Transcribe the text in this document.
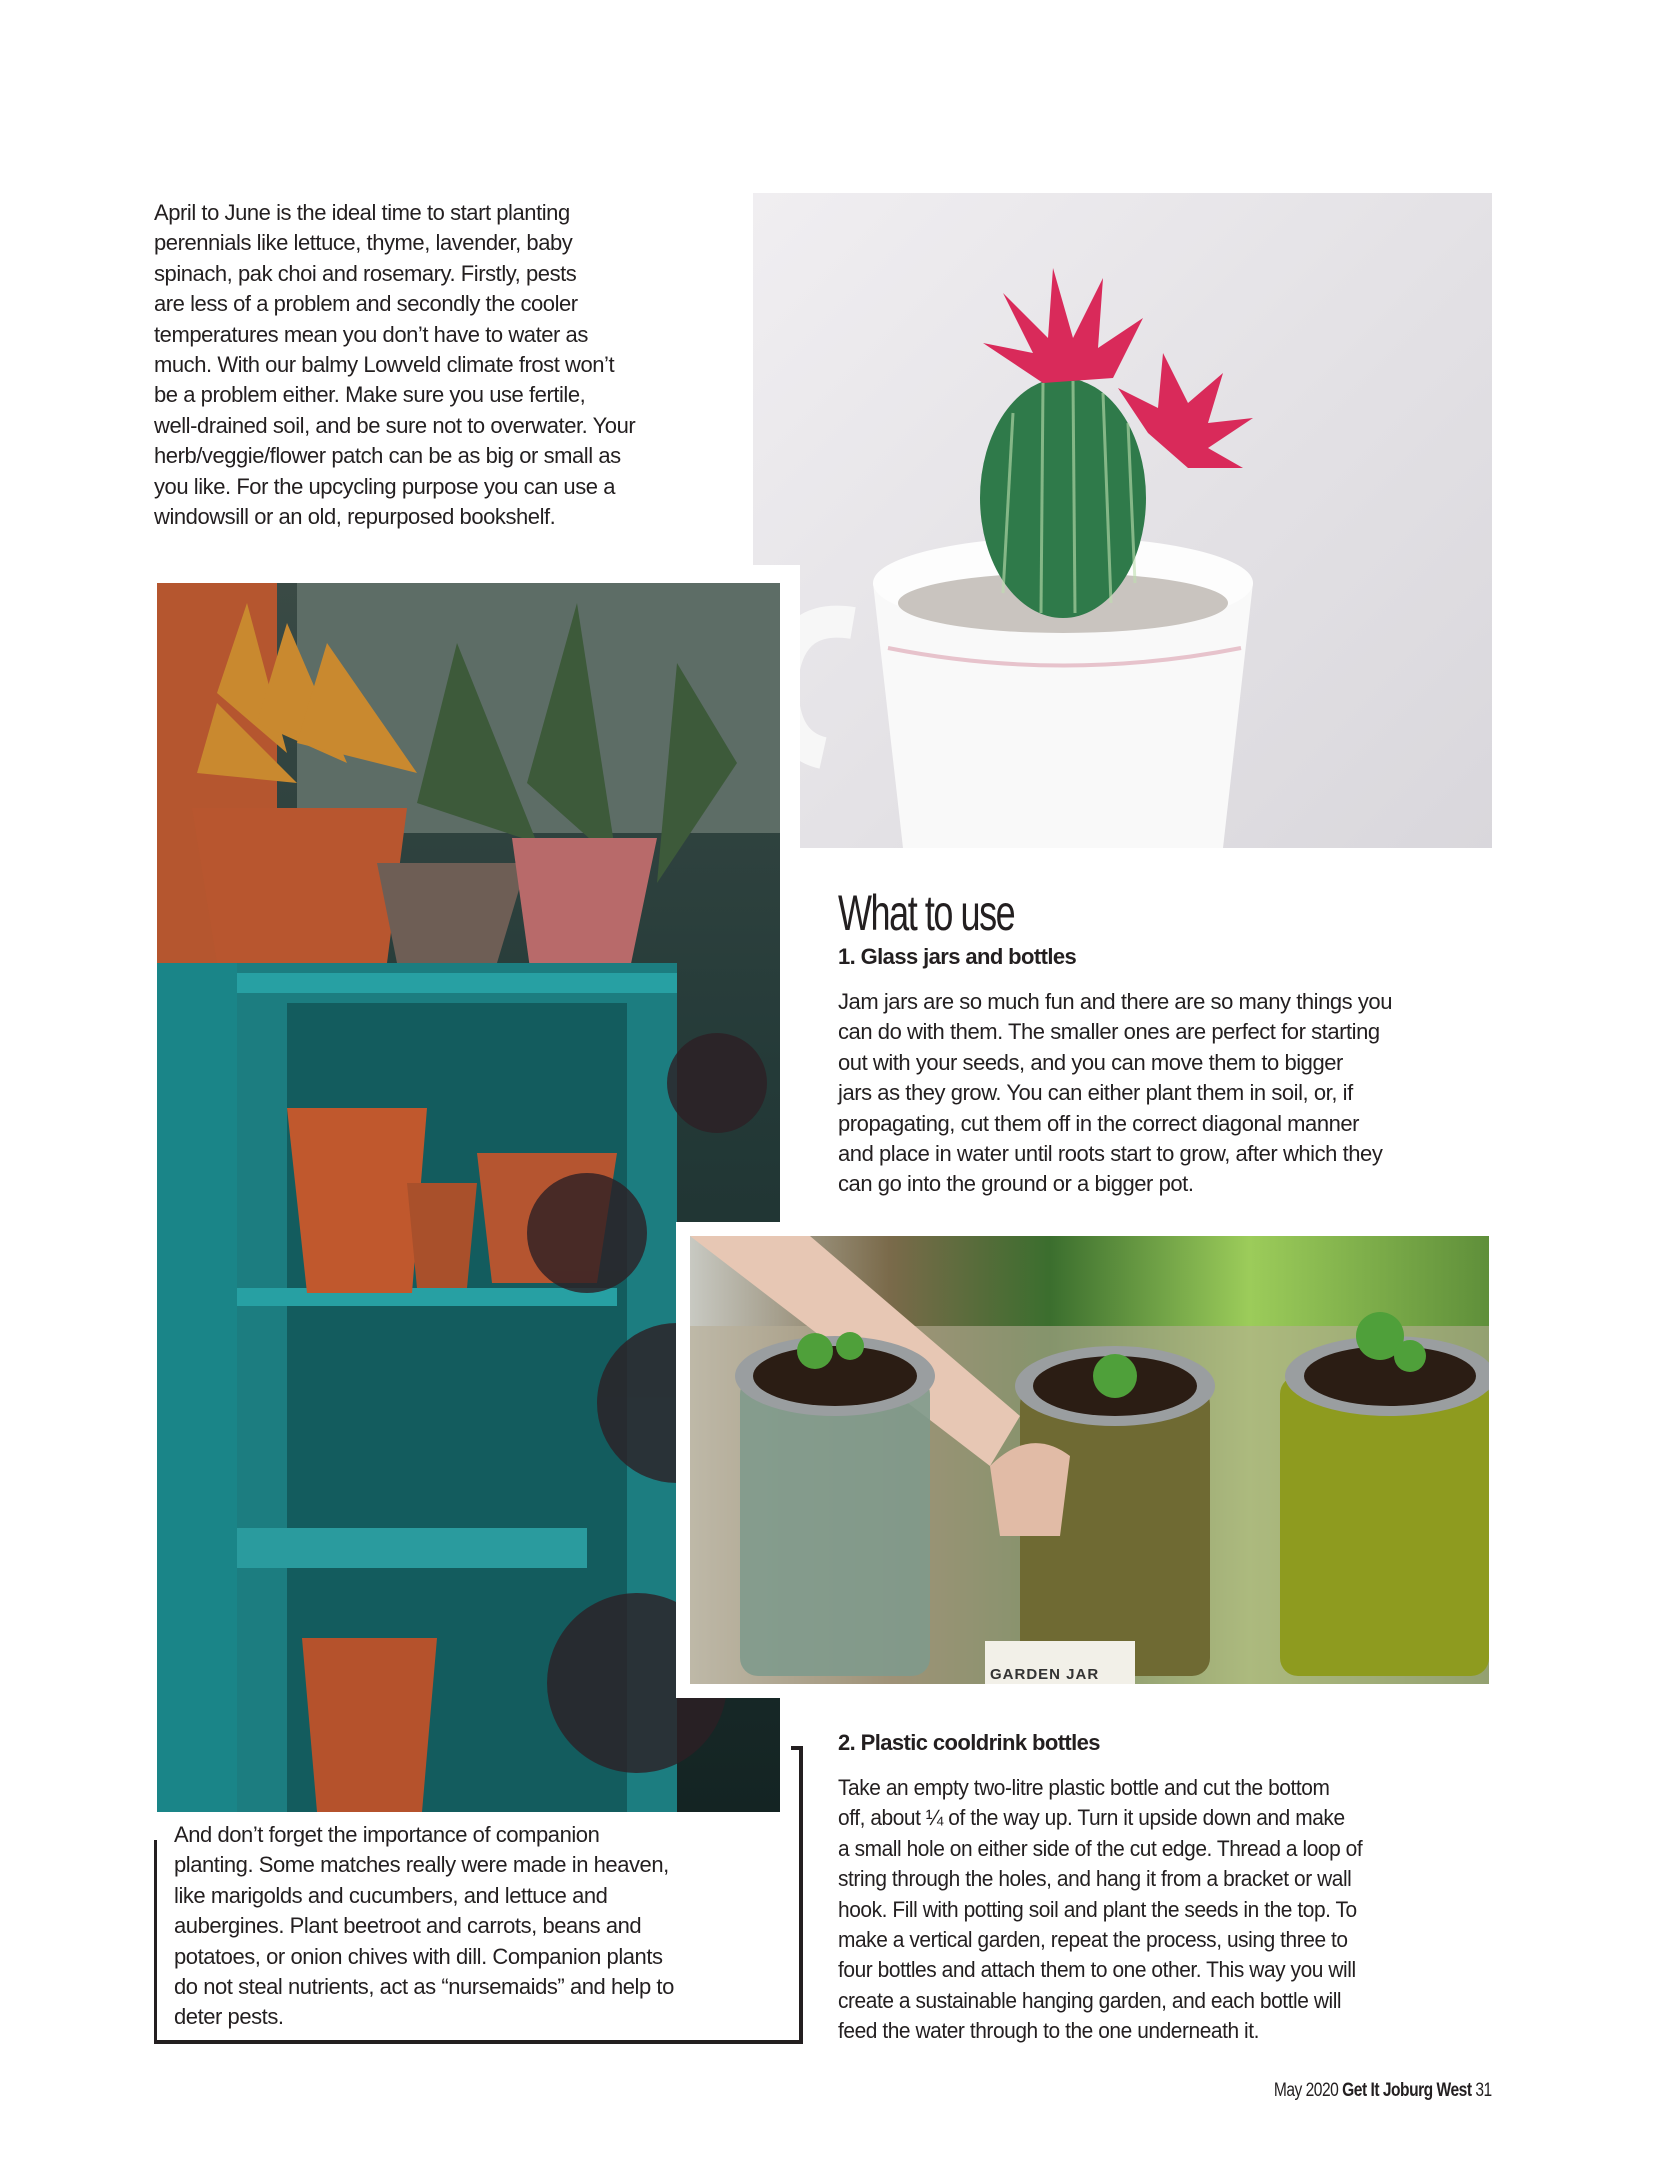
April to June is the ideal time to start planting
perennials like lettuce, thyme, lavender, baby
spinach, pak choi and rosemary. Firstly, pests
are less of a problem and secondly the cooler
temperatures mean you don’t have to water as
much. With our balmy Lowveld climate frost won’t
be a problem either. Make sure you use fertile,
well-drained soil, and be sure not to overwater. Your
herb/veggie/flower patch can be as big or small as
you like. For the upcycling purpose you can use a
windowsill or an old, repurposed bookshelf.
GARDEN JAR
What to use
1. Glass jars and bottles
Jam jars are so much fun and there are so many things you
can do with them. The smaller ones are perfect for starting
out with your seeds, and you can move them to bigger
jars as they grow. You can either plant them in soil, or, if
propagating, cut them off in the correct diagonal manner
and place in water until roots start to grow, after which they
can go into the ground or a bigger pot.
And don’t forget the importance of companion
planting. Some matches really were made in heaven,
like marigolds and cucumbers, and lettuce and
aubergines. Plant beetroot and carrots, beans and
potatoes, or onion chives with dill. Companion plants
do not steal nutrients, act as “nursemaids” and help to
deter pests.
2. Plastic cooldrink bottles
Take an empty two-litre plastic bottle and cut the bottom
off, about ¼ of the way up. Turn it upside down and make
a small hole on either side of the cut edge. Thread a loop of
string through the holes, and hang it from a bracket or wall
hook. Fill with potting soil and plant the seeds in the top. To
make a vertical garden, repeat the process, using three to
four bottles and attach them to one other. This way you will
create a sustainable hanging garden, and each bottle will
feed the water through to the one underneath it.
May 2020 Get It Joburg West 31
